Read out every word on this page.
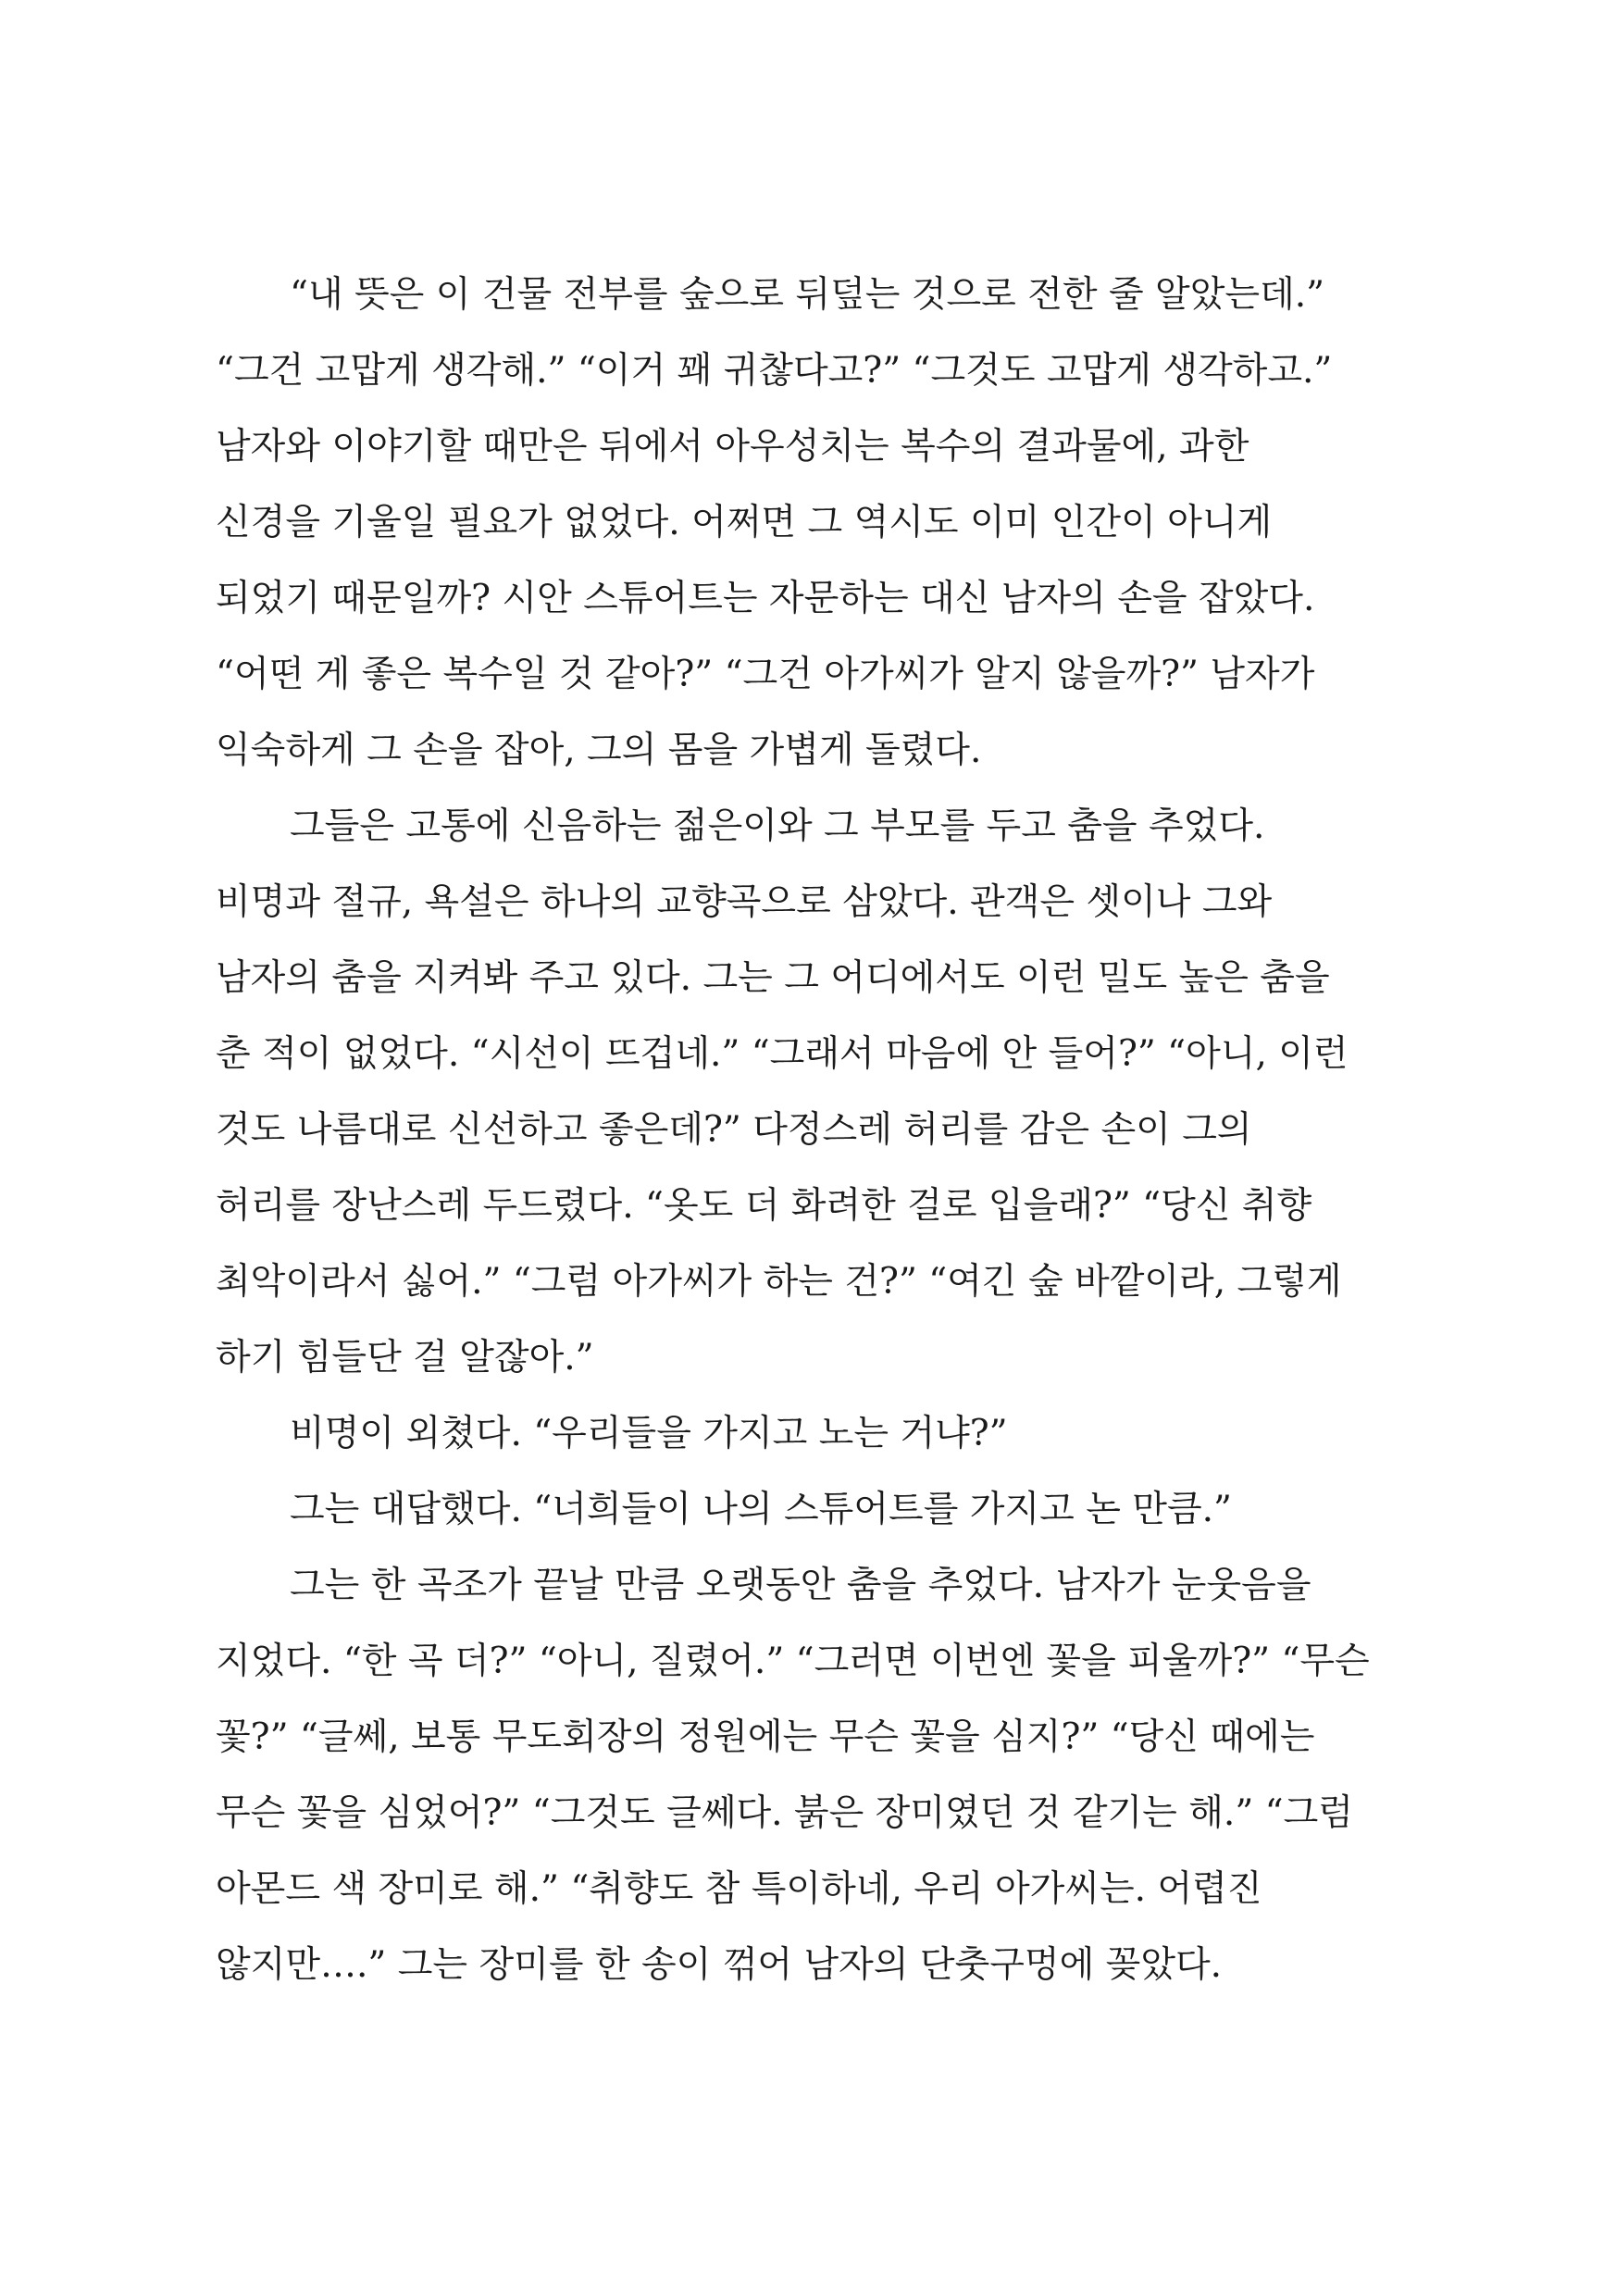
“내 뜻은 이 건물 전부를 숲으로 뒤덮는 것으로 전한 줄 알았는데.”
“그건 고맙게 생각해.” “이거 꽤 귀찮다고?” “그것도 고맙게 생각하고.”
남자와 이야기할 때만은 뒤에서 아우성치는 복수의 결과물에, 과한
신경을 기울일 필요가 없었다. 어쩌면 그 역시도 이미 인간이 아니게
되었기 때문일까? 시안 스튜어트는 자문하는 대신 남자의 손을 잡았다.
“어떤 게 좋은 복수일 것 같아?” “그건 아가씨가 알지 않을까?” 남자가
익숙하게 그 손을 잡아, 그의 몸을 가볍게 돌렸다.
그들은 고통에 신음하는 젊은이와 그 부모를 두고 춤을 추었다.
비명과 절규, 욕설은 하나의 교향곡으로 삼았다. 관객은 셋이나 그와
남자의 춤을 지켜봐 주고 있다. 그는 그 어디에서도 이런 밀도 높은 춤을
춘 적이 없었다. “시선이 뜨겁네.” “그래서 마음에 안 들어?” “아니, 이런
것도 나름대로 신선하고 좋은데?” 다정스레 허리를 감은 손이 그의
허리를 장난스레 두드렸다. “옷도 더 화려한 걸로 입을래?” “당신 취향
최악이라서 싫어.” “그럼 아가씨가 하는 건?” “여긴 숲 바깥이라, 그렇게
하기 힘들단 걸 알잖아.”
비명이 외쳤다. “우리들을 가지고 노는 거냐?”
그는 대답했다. “너희들이 나의 스튜어트를 가지고 논 만큼.”
그는 한 곡조가 끝날 만큼 오랫동안 춤을 추었다. 남자가 눈웃음을
지었다. “한 곡 더?” “아니, 질렸어.” “그러면 이번엔 꽃을 피울까?” “무슨
꽃?” “글쎄, 보통 무도회장의 정원에는 무슨 꽃을 심지?” “당신 때에는
무슨 꽃을 심었어?” “그것도 글쎄다. 붉은 장미였던 것 같기는 해.” “그럼
아몬드 색 장미로 해.” “취향도 참 특이하네, 우리 아가씨는. 어렵진
않지만….” 그는 장미를 한 송이 꺾어 남자의 단춧구멍에 꽂았다.
